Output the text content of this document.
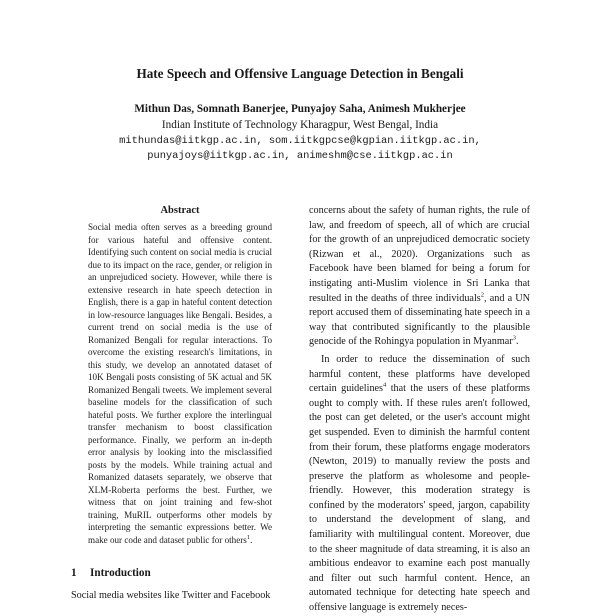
Hate Speech and Offensive Language Detection in Bengali
Mithun Das, Somnath Banerjee, Punyajoy Saha, Animesh Mukherjee
Indian Institute of Technology Kharagpur, West Bengal, India
mithundas@iitkgp.ac.in, som.iitkgpcse@kgpian.iitkgp.ac.in,
punyajoys@iitkgp.ac.in, animeshm@cse.iitkgp.ac.in
Abstract
Social media often serves as a breeding ground for various hateful and offensive content. Identifying such content on social media is crucial due to its impact on the race, gender, or religion in an unprejudiced society. However, while there is extensive research in hate speech detection in English, there is a gap in hateful content detection in low-resource languages like Bengali. Besides, a current trend on social media is the use of Romanized Bengali for regular interactions. To overcome the existing research's limitations, in this study, we develop an annotated dataset of 10K Bengali posts consisting of 5K actual and 5K Romanized Bengali tweets. We implement several baseline models for the classification of such hateful posts. We further explore the interlingual transfer mechanism to boost classification performance. Finally, we perform an in-depth error analysis by looking into the misclassified posts by the models. While training actual and Romanized datasets separately, we observe that XLM-Roberta performs the best. Further, we witness that on joint training and few-shot training, MuRIL outperforms other models by interpreting the semantic expressions better. We make our code and dataset public for others$^1$.
1 Introduction
Social media websites like Twitter and Facebook

concerns about the safety of human rights, the rule of law, and freedom of speech, all of which are crucial for the growth of an unprejudiced democratic society (Rizwan et al., 2020). Organizations such as Facebook have been blamed for being a forum for instigating anti-Muslim violence in Sri Lanka that resulted in the deaths of three individuals$^2$, and a UN report accused them of disseminating hate speech in a way that contributed significantly to the plausible genocide of the Rohingya population in Myanmar$^3$.

In order to reduce the dissemination of such harmful content, these platforms have developed certain guidelines$^4$ that the users of these platforms ought to comply with. If these rules aren't followed, the post can get deleted, or the user's account might get suspended. Even to diminish the harmful content from their forum, these platforms engage moderators (Newton, 2019) to manually review the posts and preserve the platform as wholesome and people-friendly. However, this moderation strategy is confined by the moderators' speed, jargon, capability to understand the development of slang, and familiarity with multilingual content. Moreover, due to the sheer magnitude of data streaming, it is also an ambitious endeavor to examine each post manually and filter out such harmful content. Hence, an automated technique for detecting hate speech and offensive language is extremely neces-
